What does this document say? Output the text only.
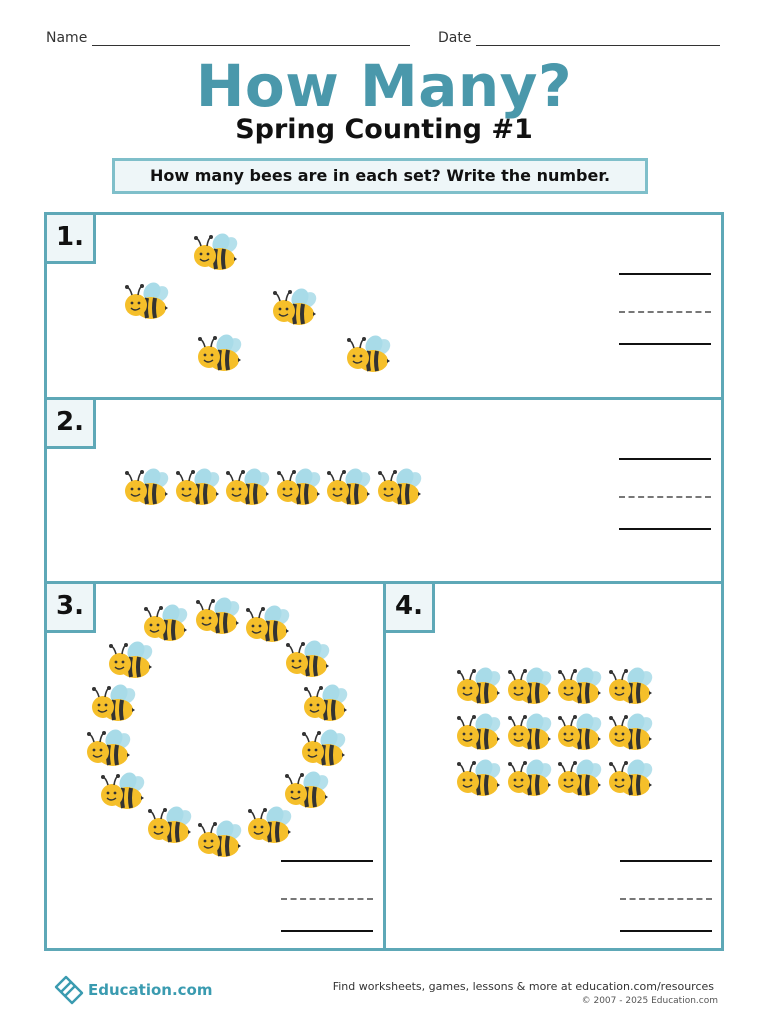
Name	Date
How Many?
Spring Counting #1
How many bees are in each set? Write the number.
1.
2.
3.	4.
Education.com	Find worksheets, games, lessons & more at education.com/resources
© 2007 - 2025 Education.com
